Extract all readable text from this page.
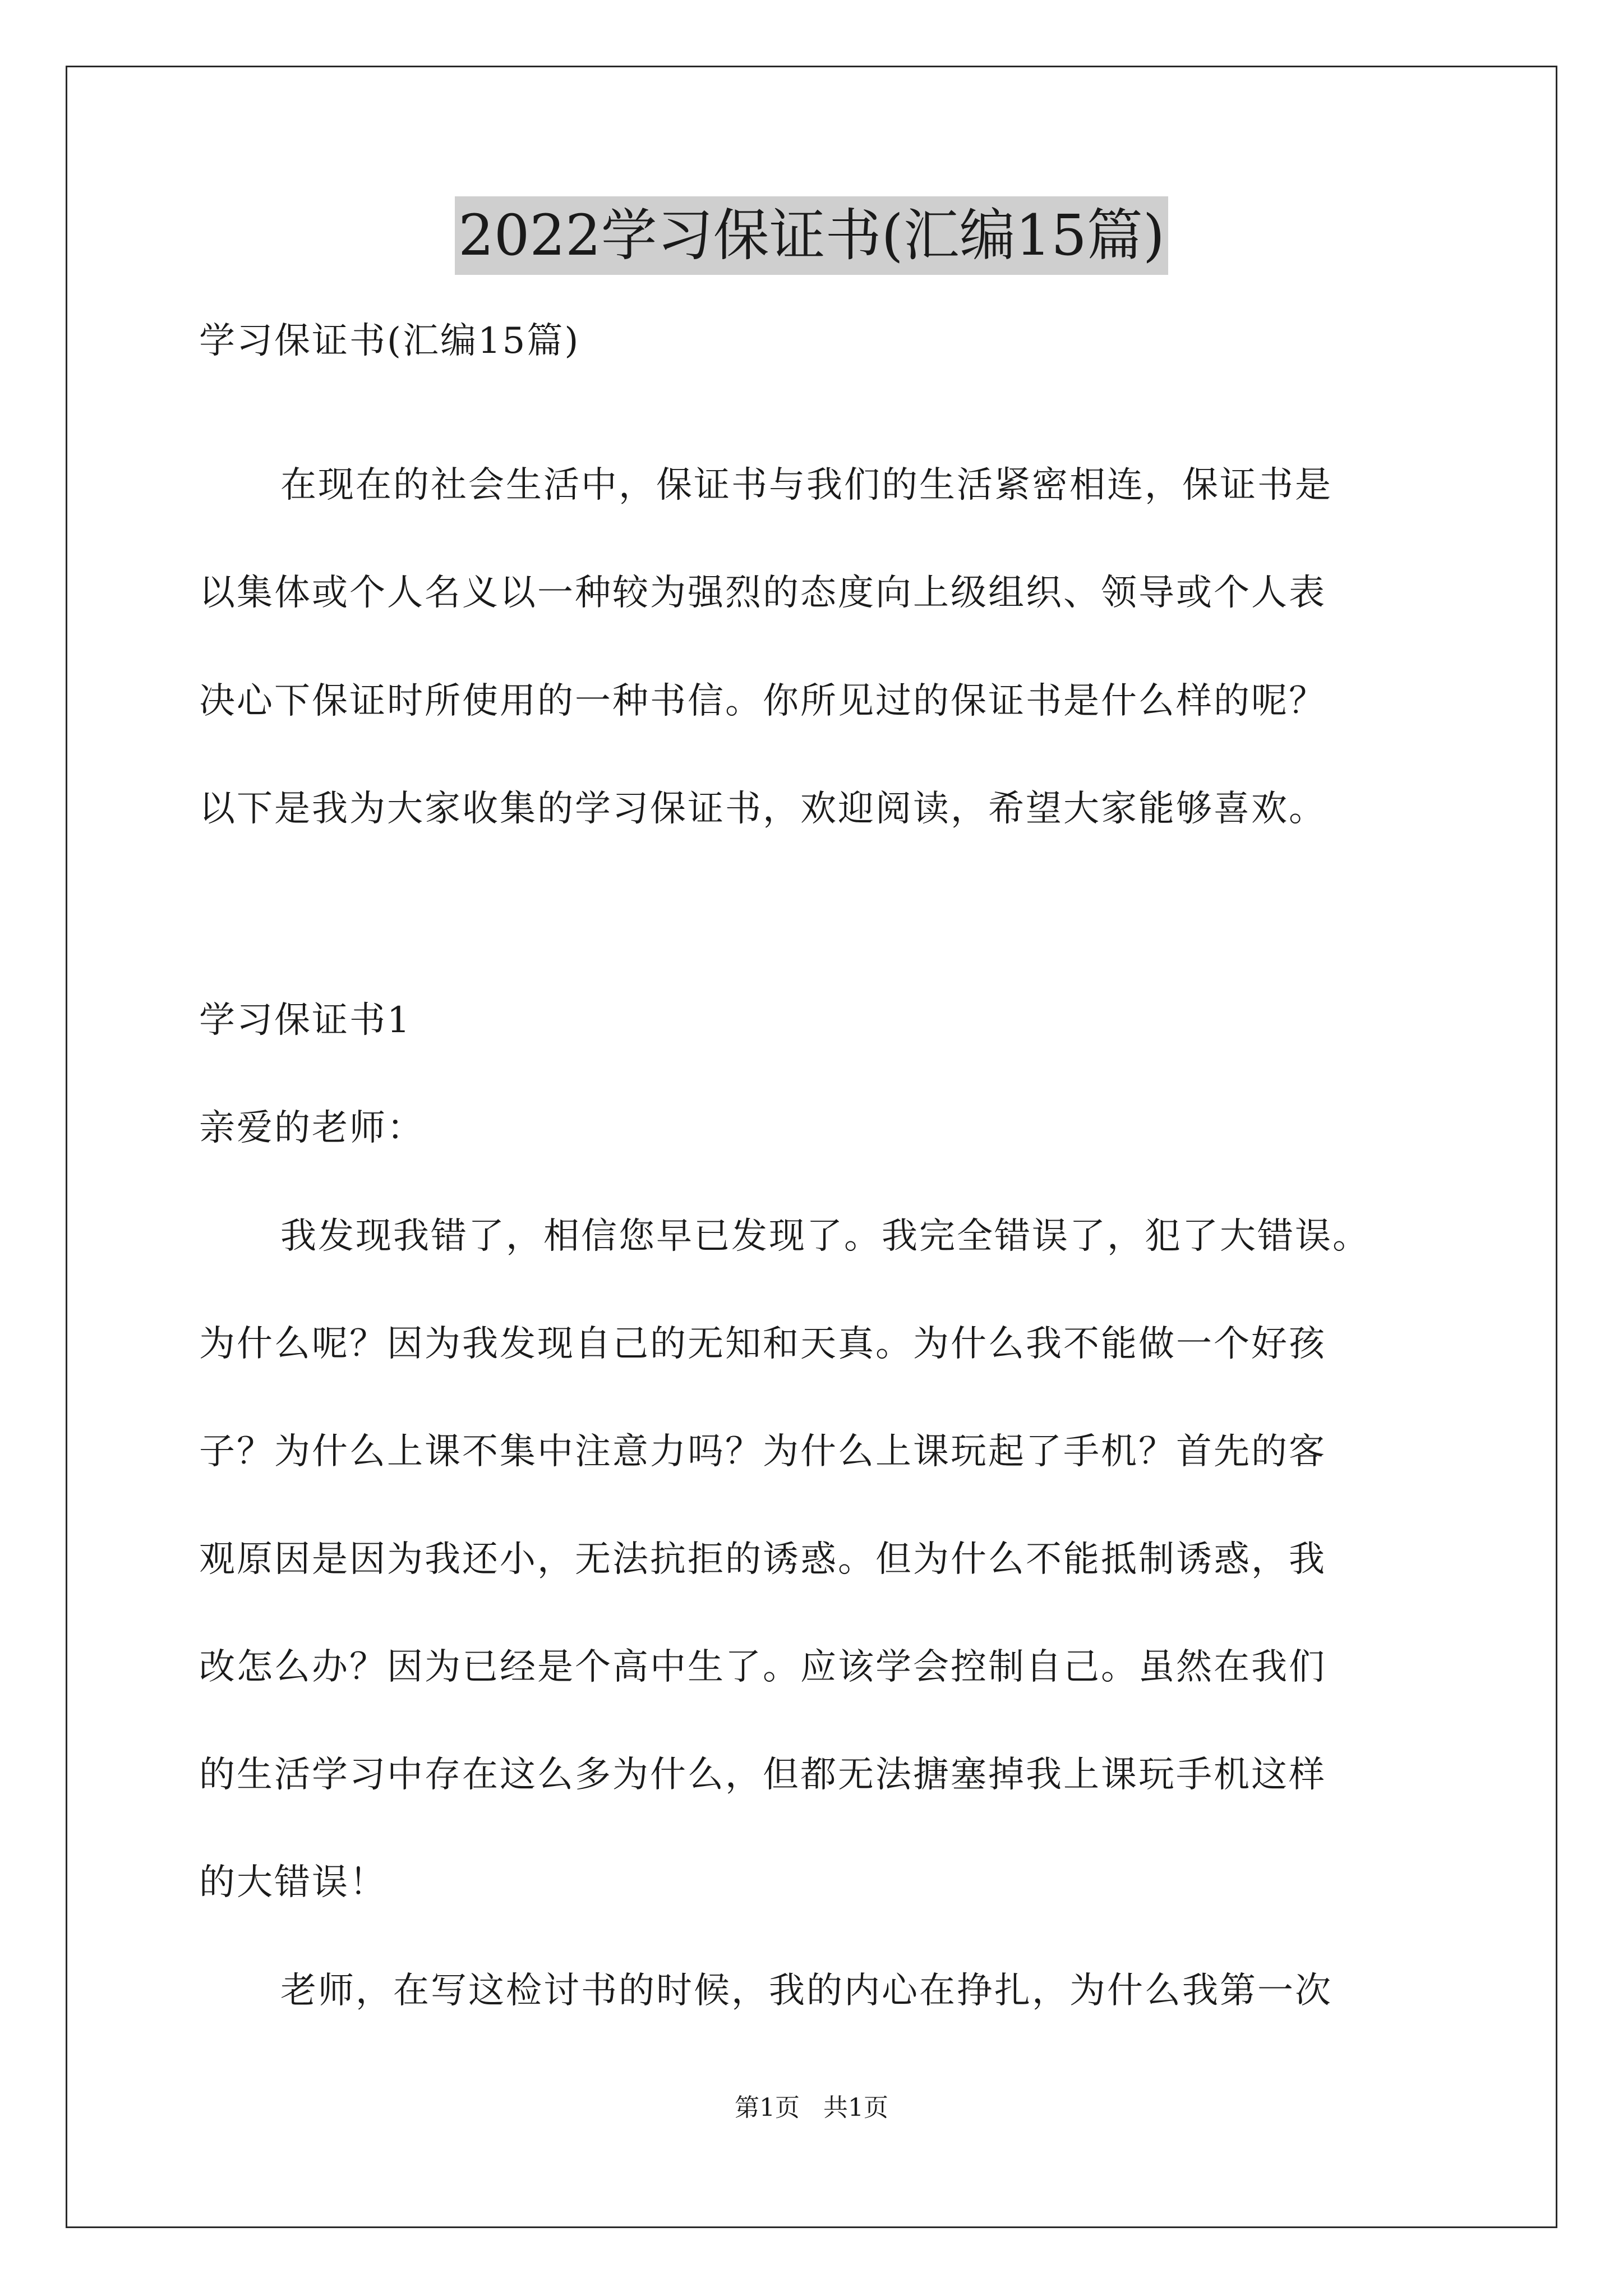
2022学习保证书(汇编15篇)
学习保证书(汇编15篇)
在现在的社会生活中，保证书与我们的生活紧密相连，保证书是
以集体或个人名义以一种较为强烈的态度向上级组织、领导或个人表
决心下保证时所使用的一种书信。你所见过的保证书是什么样的呢？
以下是我为大家收集的学习保证书，欢迎阅读，希望大家能够喜欢。
学习保证书1
亲爱的老师：
我发现我错了，相信您早已发现了。我完全错误了，犯了大错误。
为什么呢？因为我发现自己的无知和天真。为什么我不能做一个好孩
子？为什么上课不集中注意力吗？为什么上课玩起了手机？首先的客
观原因是因为我还小，无法抗拒的诱惑。但为什么不能抵制诱惑，我
改怎么办？因为已经是个高中生了。应该学会控制自己。虽然在我们
的生活学习中存在这么多为什么，但都无法搪塞掉我上课玩手机这样
的大错误！
老师，在写这检讨书的时候，我的内心在挣扎，为什么我第一次
第1页   共1页
